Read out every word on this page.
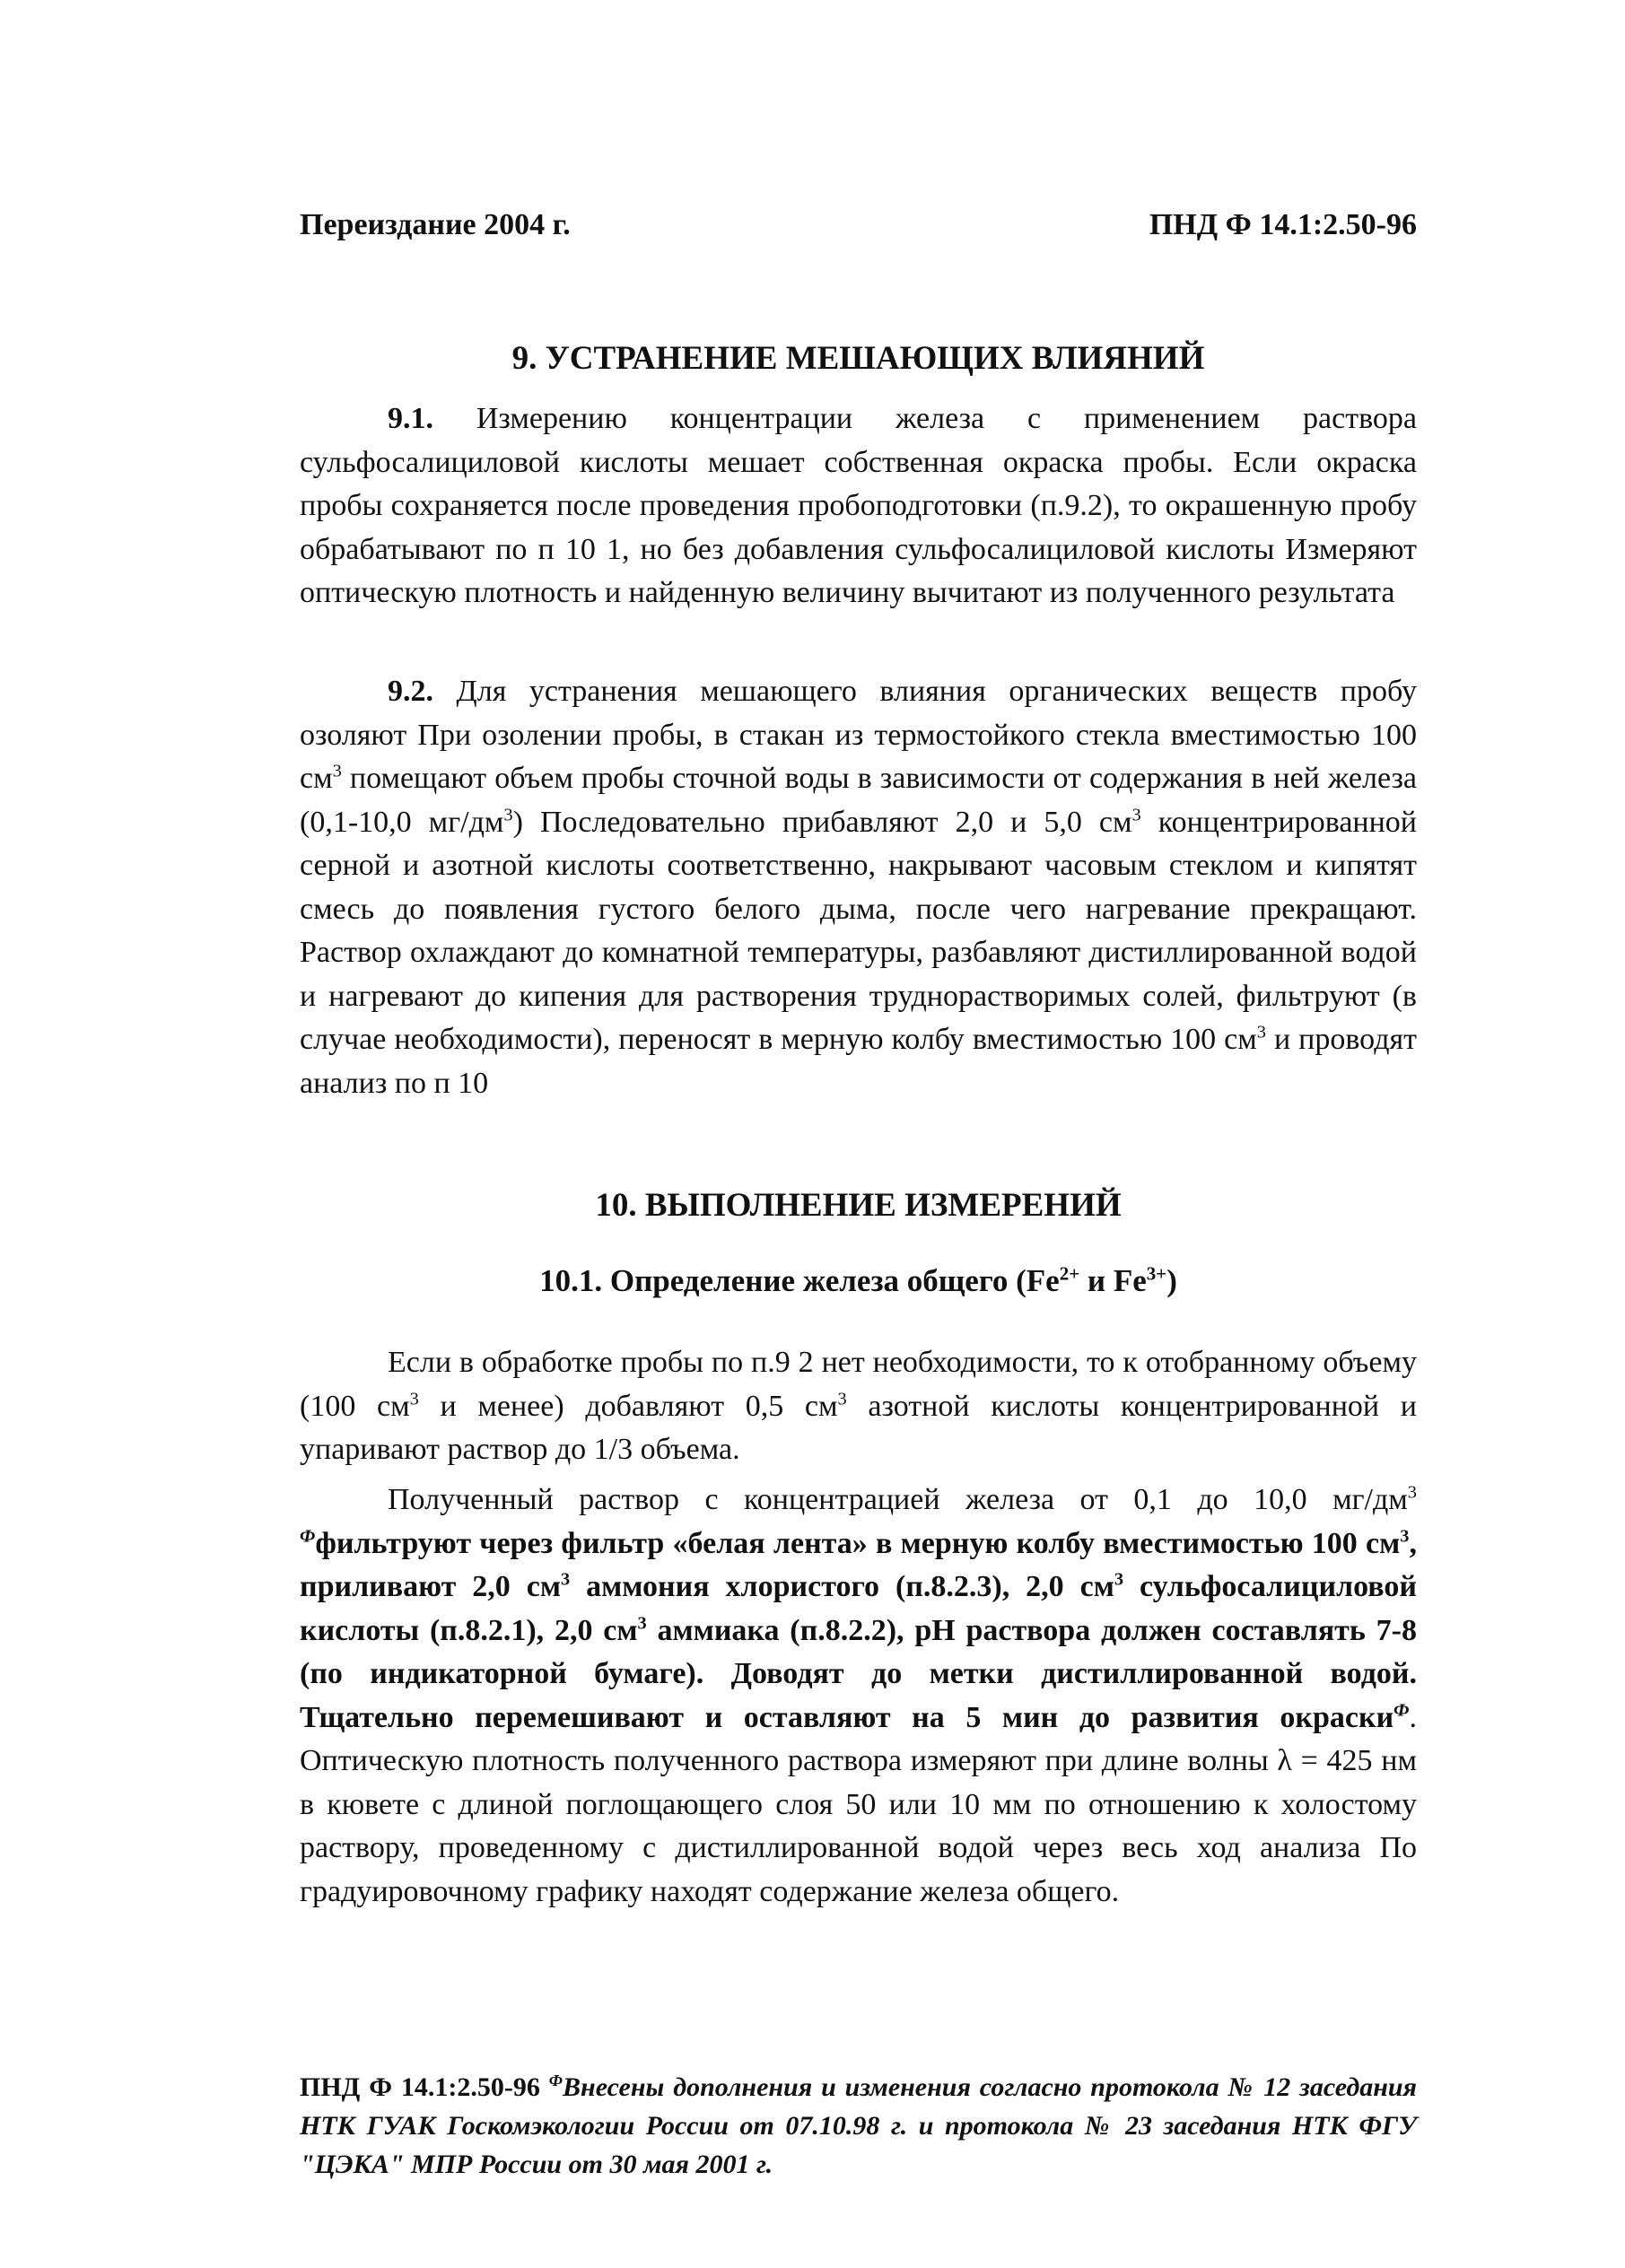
Переиздание 2004 г.	ПНД Ф 14.1:2.50-96
9. УСТРАНЕНИЕ МЕШАЮЩИХ ВЛИЯНИЙ

9.1. Измерению концентрации железа с применением раствора сульфосалициловой кислоты мешает собственная окраска пробы. Если окраска пробы сохраняется после проведения пробоподготовки (п.9.2), то окрашенную пробу обрабатывают по п 10 1, но без добавления сульфосалициловой кислоты Измеряют оптическую плотность и найденную величину вычитают из полученного результата

9.2. Для устранения мешающего влияния органических веществ пробу озоляют При озолении пробы, в стакан из термостойкого стекла вместимостью 100 $см^3$ помещают объем пробы сточной воды в зависимости от содержания в ней железа (0,1-10,0 $мг/дм^3$) Последовательно прибавляют 2,0 и 5,0 $см^3$ концентрированной серной и азотной кислоты соответственно, накрывают часовым стеклом и кипятят смесь до появления густого белого дыма, после чего нагревание прекращают. Раствор охлаждают до комнатной температуры, разбавляют дистиллированной водой и нагревают до кипения для растворения труднорастворимых солей, фильтруют (в случае необходимости), переносят в мерную колбу вместимостью 100 $см^3$ и проводят анализ по п 10

10. ВЫПОЛНЕНИЕ ИЗМЕРЕНИЙ
10.1. Определение железа общего ($Fe^{2+}$ и $Fe^{3+}$)

Если в обработке пробы по п.9 2 нет необходимости, то к отобранному объему (100 $см^3$ и менее) добавляют 0,5 $см^3$ азотной кислоты концентрированной и упаривают раствор до 1/3 объема.

Полученный раствор с концентрацией железа от 0,1 до 10,0 $мг/дм^3$ $^Ф$фильтруют через фильтр «белая лента» в мерную колбу вместимостью 100 $см^3$, приливают 2,0 $см^3$ аммония хлористого (п.8.2.3), 2,0 $см^3$ сульфосалициловой кислоты (п.8.2.1), 2,0 $см^3$ аммиака (п.8.2.2), pH раствора должен составлять 7-8 (по индикаторной бумаге). Доводят до метки дистиллированной водой. Тщательно перемешивают и оставляют на 5 мин до развития окраски$^Ф$. Оптическую плотность полученного раствора измеряют при длине волны λ = 425 нм в кювете с длиной поглощающего слоя 50 или 10 мм по отношению к холостому раствору, проведенному с дистиллированной водой через весь ход анализа По градуировочному графику находят содержание железа общего.

ПНД Ф 14.1:2.50-96 $^Ф$Внесены дополнения и изменения согласно протокола № 12 заседания НТК ГУАК Госкомэкологии России от 07.10.98 г. и протокола № 23 заседания НТК ФГУ "ЦЭКА" МПР России от 30 мая 2001 г.
